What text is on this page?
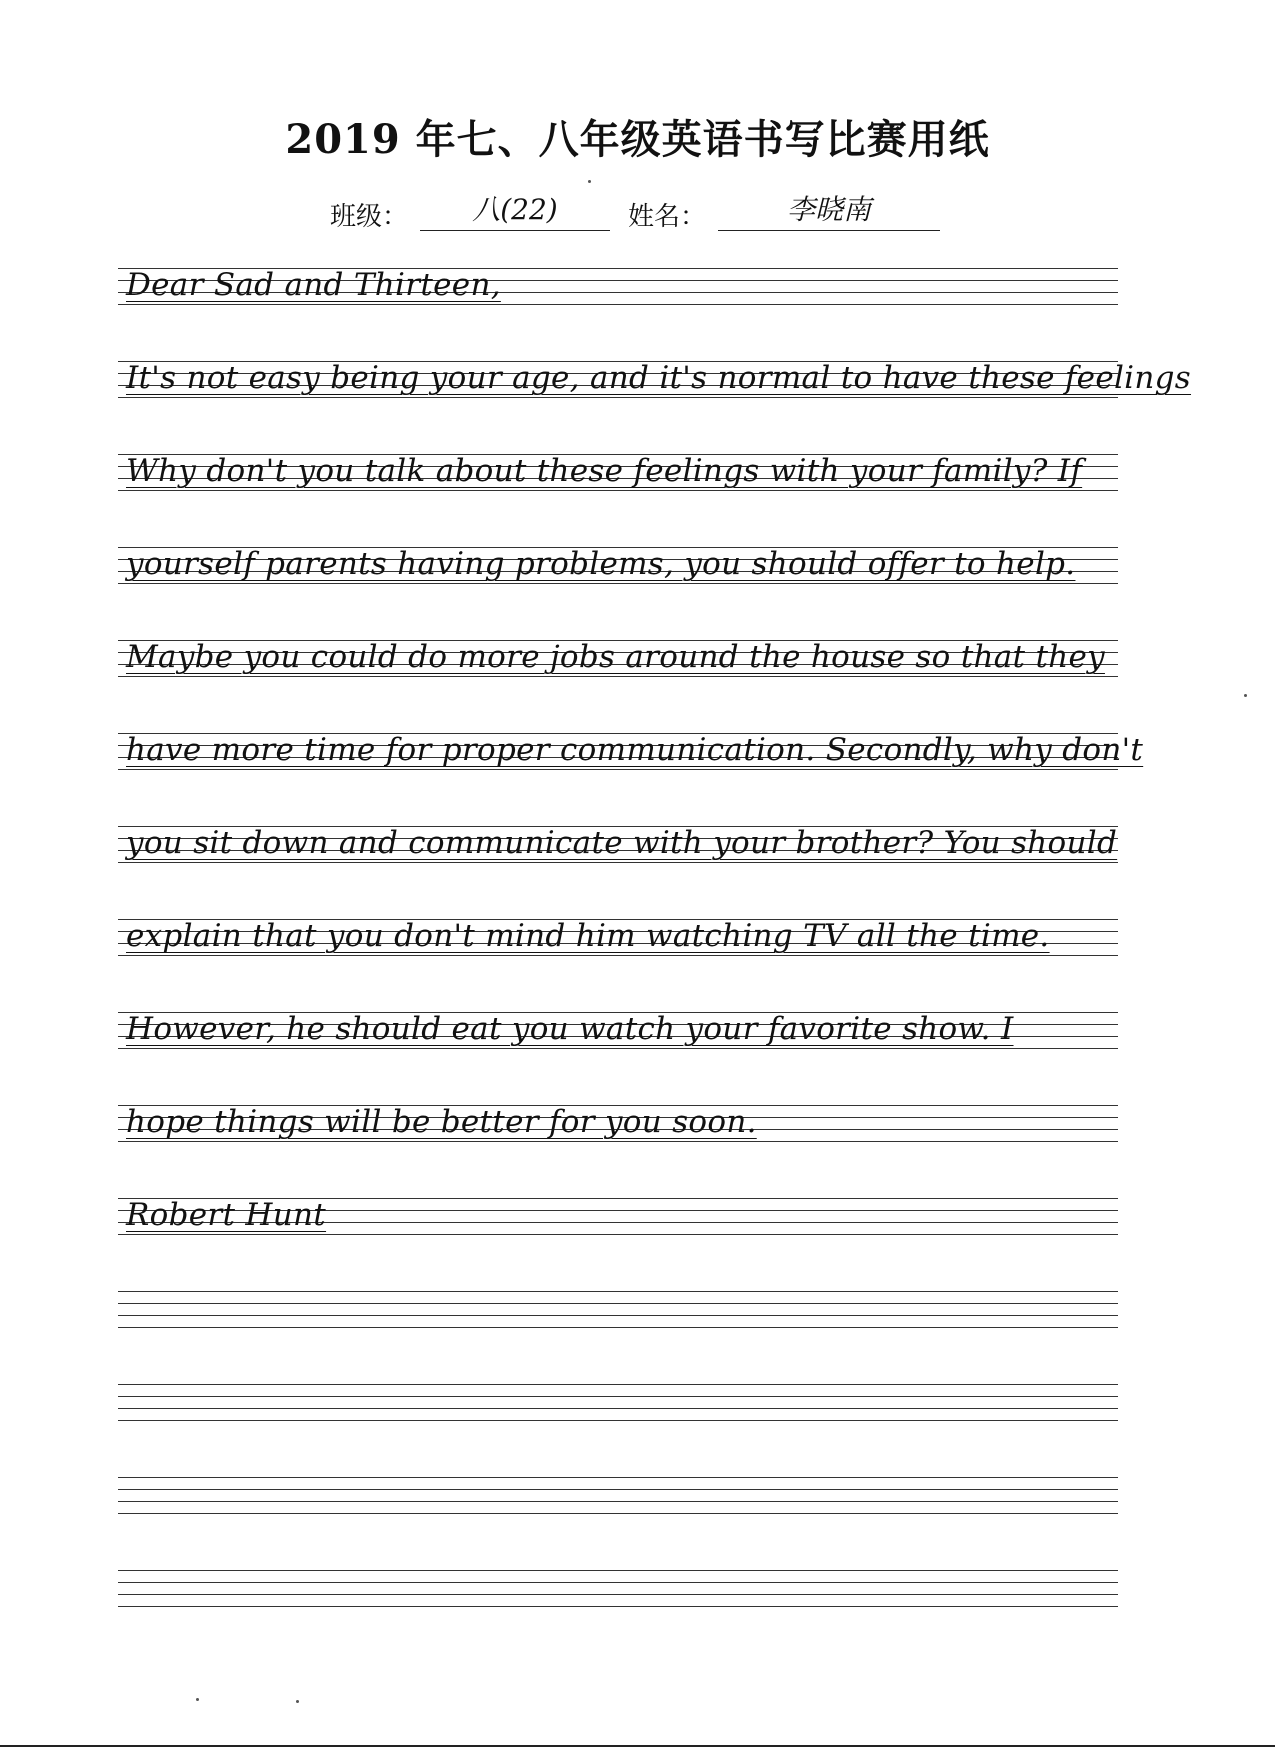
2019 年七、八年级英语书写比赛用纸
班级：	八(22)	姓名：	李晓南
Dear Sad and Thirteen,
It's not easy being your age, and it's normal to have these feelings
Why don't you talk about these feelings with your family? If
yourself parents having problems, you should offer to help.
Maybe you could do more jobs around the house so that they
have more time for proper communication. Secondly, why don't
you sit down and communicate with your brother? You should
explain that you don't mind him watching TV all the time.
However, he should eat you watch your favorite show. I
hope things will be better for you soon.
Robert Hunt
